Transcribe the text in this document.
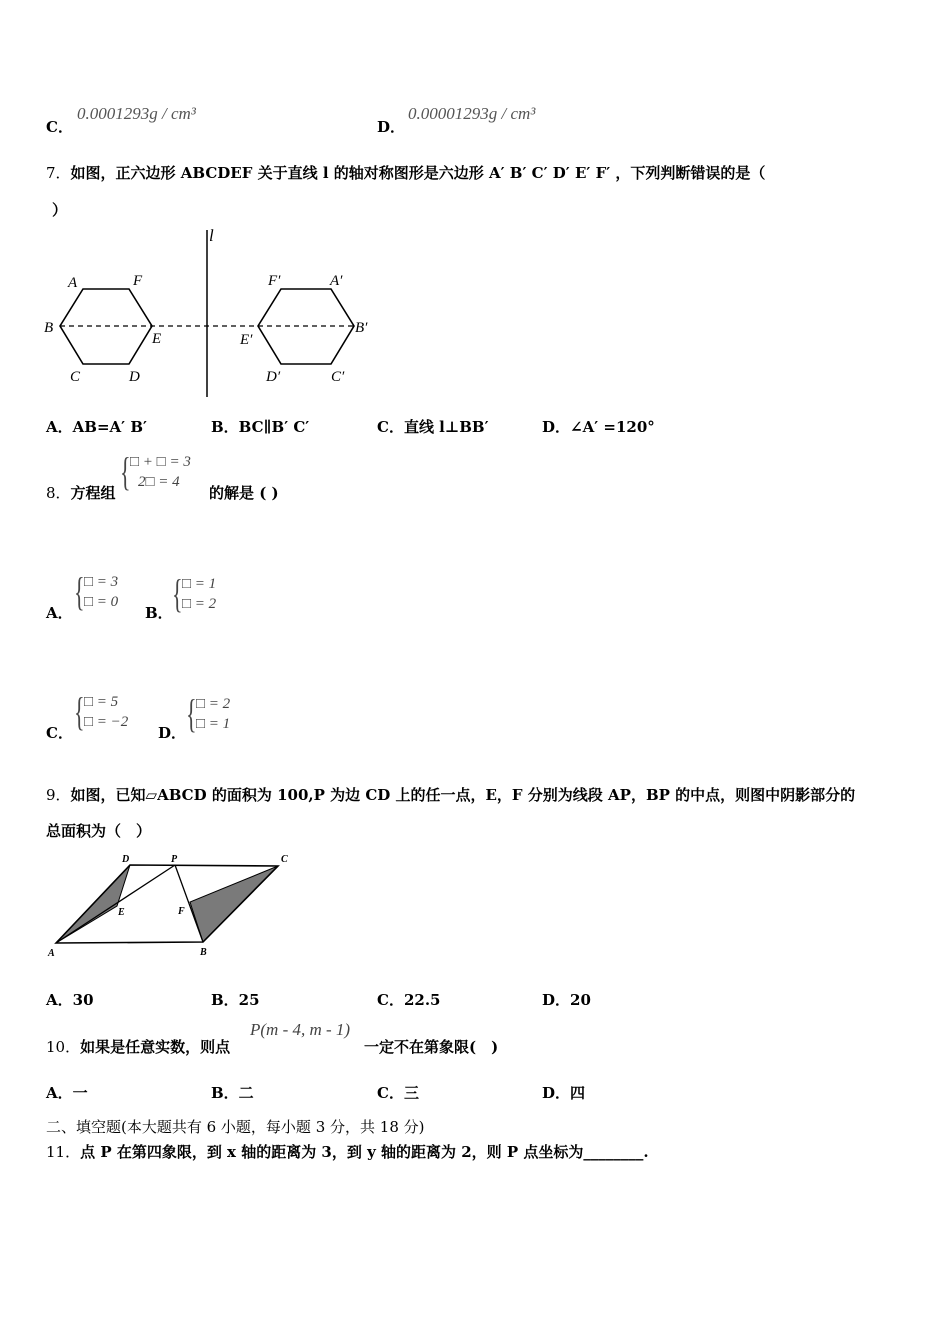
C．
0.0001293g / cm³
D．
0.00001293g / cm³
7．如图，正六边形 ABCDEF 关于直线 l 的轴对称图形是六边形 A′ B′ C′ D′ E′ F′ ，下列判断错误的是（
）
l
A	F
B
E
C	D
F′	A′
E′
B′
D′	C′
A．AB=A′ B′	B．BC∥B′ C′	C．直线 l⊥BB′	D．∠A′ =120°
8．方程组 { □ + □ = 3
2□ = 4
的解是 ( )
A． { □ = 3
□ = 0
B． { □ = 1
□ = 2
C． { □ = 5
□ = −2
D． { □ = 2
□ = 1
9．如图，已知▱ABCD 的面积为 100,P 为边 CD 上的任一点，E，F 分别为线段 AP，BP 的中点，则图中阴影部分的
总面积为（　）
D	P	C
E	F
A	B
A．30	B．25	C．22.5	D．20
10．如果是任意实数，则点
P(m - 4, m - 1)
一定不在第象限(　)
A．一	B．二	C．三	D．四
二、填空题(本大题共有 6 小题，每小题 3 分，共 18 分)
11．点 P 在第四象限，到 x 轴的距离为 3，到 y 轴的距离为 2，则 P 点坐标为________.
